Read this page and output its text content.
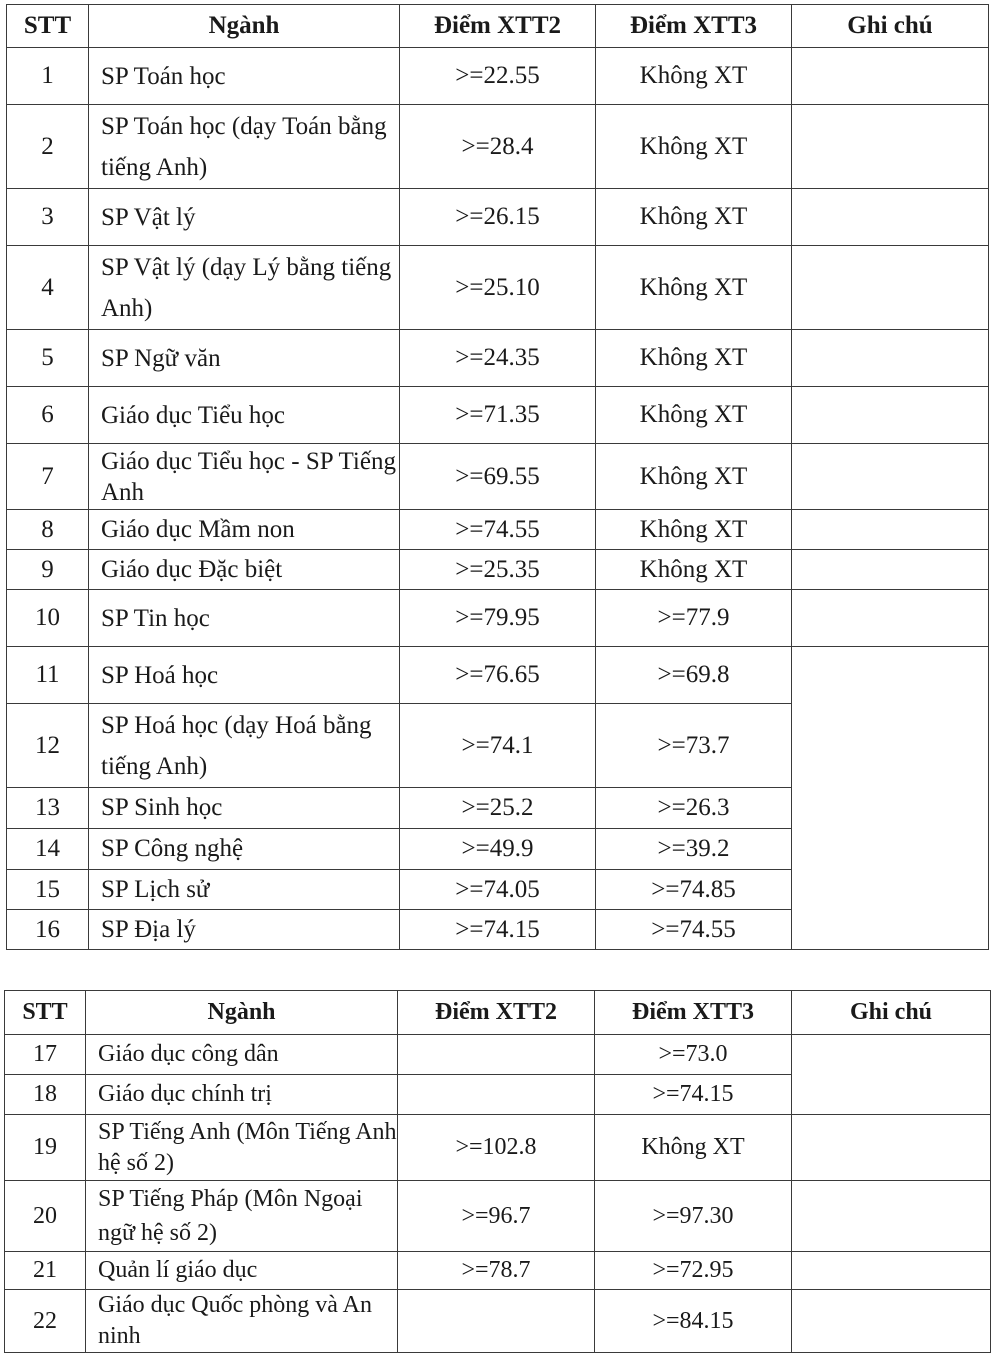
STT	Ngành	Điểm XTT2	Điểm XTT3	Ghi chú	
1	SP Toán học	>=22.55	Không XT		
2	SP Toán học (dạy Toán bằng tiếng Anh)	>=28.4	Không XT		
3	SP Vật lý	>=26.15	Không XT		
4	SP Vật lý (dạy Lý bằng tiếng Anh)	>=25.10	Không XT		
5	SP Ngữ văn	>=24.35	Không XT		
6	Giáo dục Tiểu học	>=71.35	Không XT		
7	Giáo dục Tiểu học - SP Tiếng Anh	>=69.55	Không XT		
8	Giáo dục Mầm non	>=74.55	Không XT		
9	Giáo dục Đặc biệt	>=25.35	Không XT		
10	SP Tin học	>=79.95	>=77.9		
11	SP Hoá học	>=76.65	>=69.8		
12	SP Hoá học (dạy Hoá bằng tiếng Anh)	>=74.1	>=73.7		
13	SP Sinh học	>=25.2	>=26.3		
14	SP Công nghệ	>=49.9	>=39.2		
15	SP Lịch sử	>=74.05	>=74.85		
16	SP Địa lý	>=74.15	>=74.55		
STT	Ngành	Điểm XTT2	Điểm XTT3	Ghi chú
17	Giáo dục công dân		>=73.0	
18	Giáo dục chính trị		>=74.15	
19	SP Tiếng Anh (Môn Tiếng Anh hệ số 2)	>=102.8	Không XT	
20	SP Tiếng Pháp (Môn Ngoại ngữ hệ số 2)	>=96.7	>=97.30	
21	Quản lí giáo dục	>=78.7	>=72.95	
22	Giáo dục Quốc phòng và An ninh		>=84.15	
